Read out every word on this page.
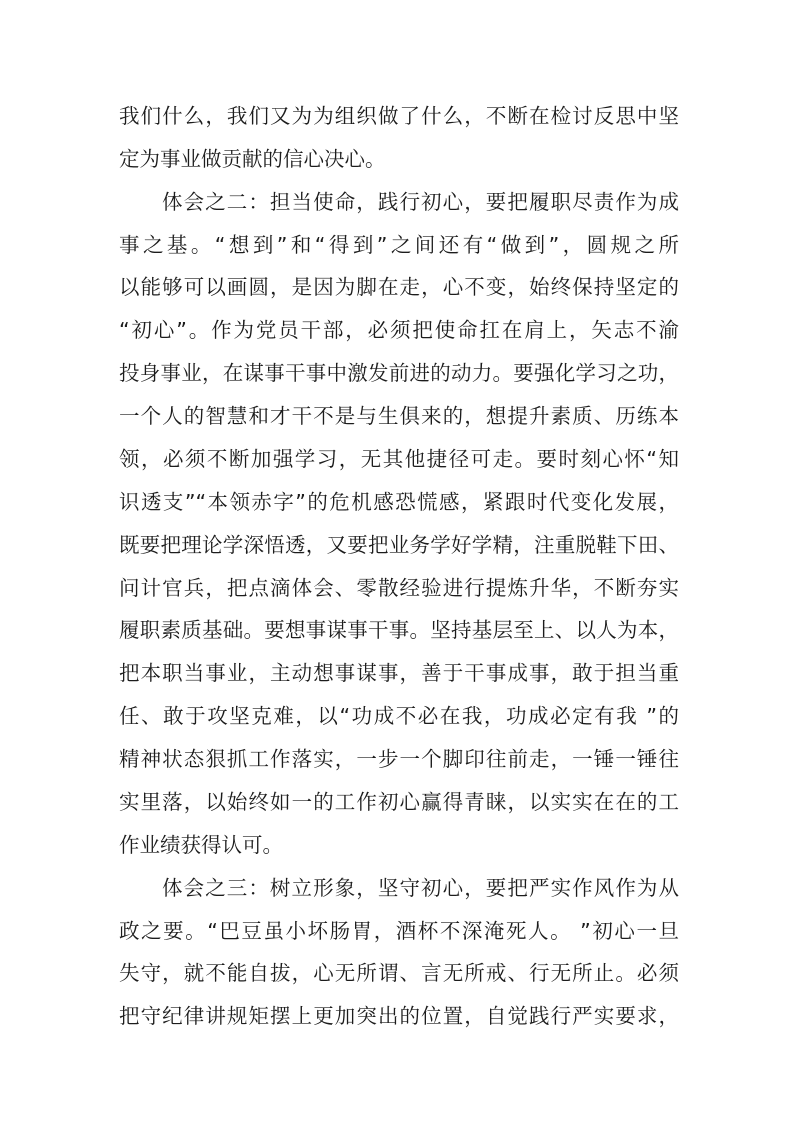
我们什么，我们又为为组织做了什么，不断在检讨反思中坚
定为事业做贡献的信心决心。
体会之二：担当使命，践行初心，要把履职尽责作为成
事之基。“想到”和“得到”之间还有“做到”，圆规之所
以能够可以画圆，是因为脚在走，心不变，始终保持坚定的
“初心”。作为党员干部，必须把使命扛在肩上，矢志不渝
投身事业，在谋事干事中激发前进的动力。要强化学习之功，
一个人的智慧和才干不是与生俱来的，想提升素质、历练本
领，必须不断加强学习，无其他捷径可走。要时刻心怀“知
识透支”“本领赤字”的危机感恐慌感，紧跟时代变化发展，
既要把理论学深悟透，又要把业务学好学精，注重脱鞋下田、
问计官兵，把点滴体会、零散经验进行提炼升华，不断夯实
履职素质基础。要想事谋事干事。坚持基层至上、以人为本，
把本职当事业，主动想事谋事，善于干事成事，敢于担当重
任、敢于攻坚克难，以“功成不必在我，功成必定有我 ”的
精神状态狠抓工作落实，一步一个脚印往前走，一锤一锤往
实里落，以始终如一的工作初心赢得青睐，以实实在在的工
作业绩获得认可。
体会之三：树立形象，坚守初心，要把严实作风作为从
政之要。“巴豆虽小坏肠胃，酒杯不深淹死人。 ”初心一旦
失守，就不能自拔，心无所谓、言无所戒、行无所止。必须
把守纪律讲规矩摆上更加突出的位置，自觉践行严实要求，
